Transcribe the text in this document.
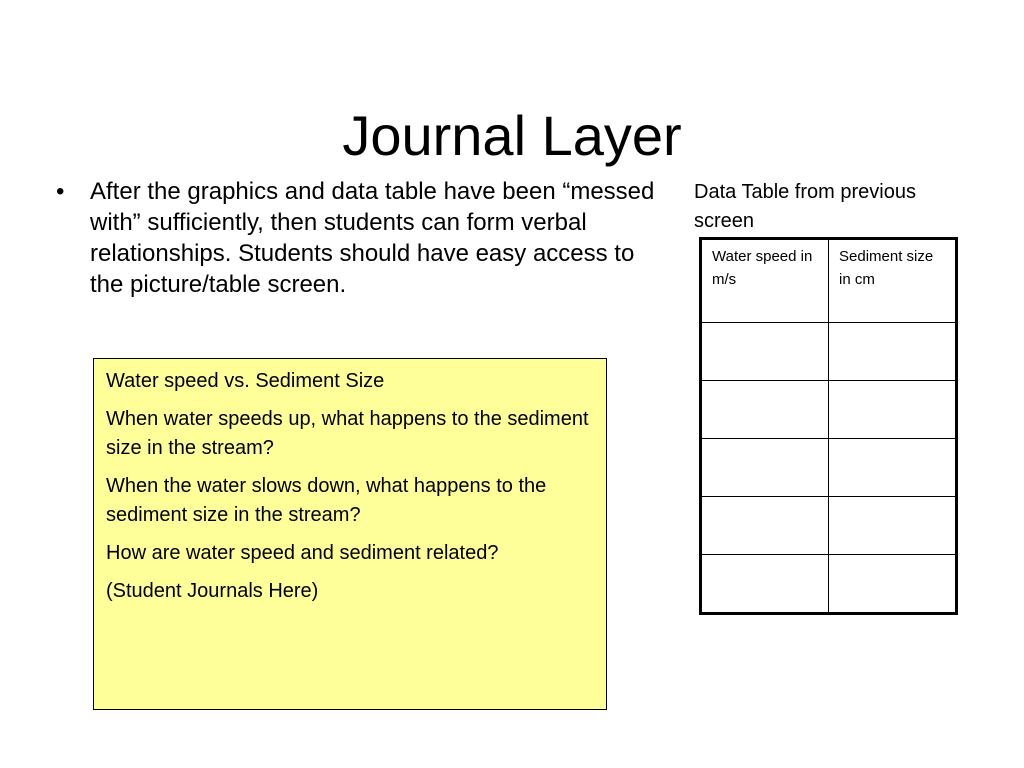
Journal Layer
•	After the graphics and data table have been “messed with” sufficiently, then students can form verbal relationships. Students should have easy access to the picture/table screen.

Water speed vs. Sediment Size

When water speeds up, what happens to the sediment size in the stream?

When the water slows down, what happens to the sediment size in the stream?

How are water speed and sediment related?

(Student Journals Here)

Data Table from previous screen
Water speed in m/s	Sediment size in cm
